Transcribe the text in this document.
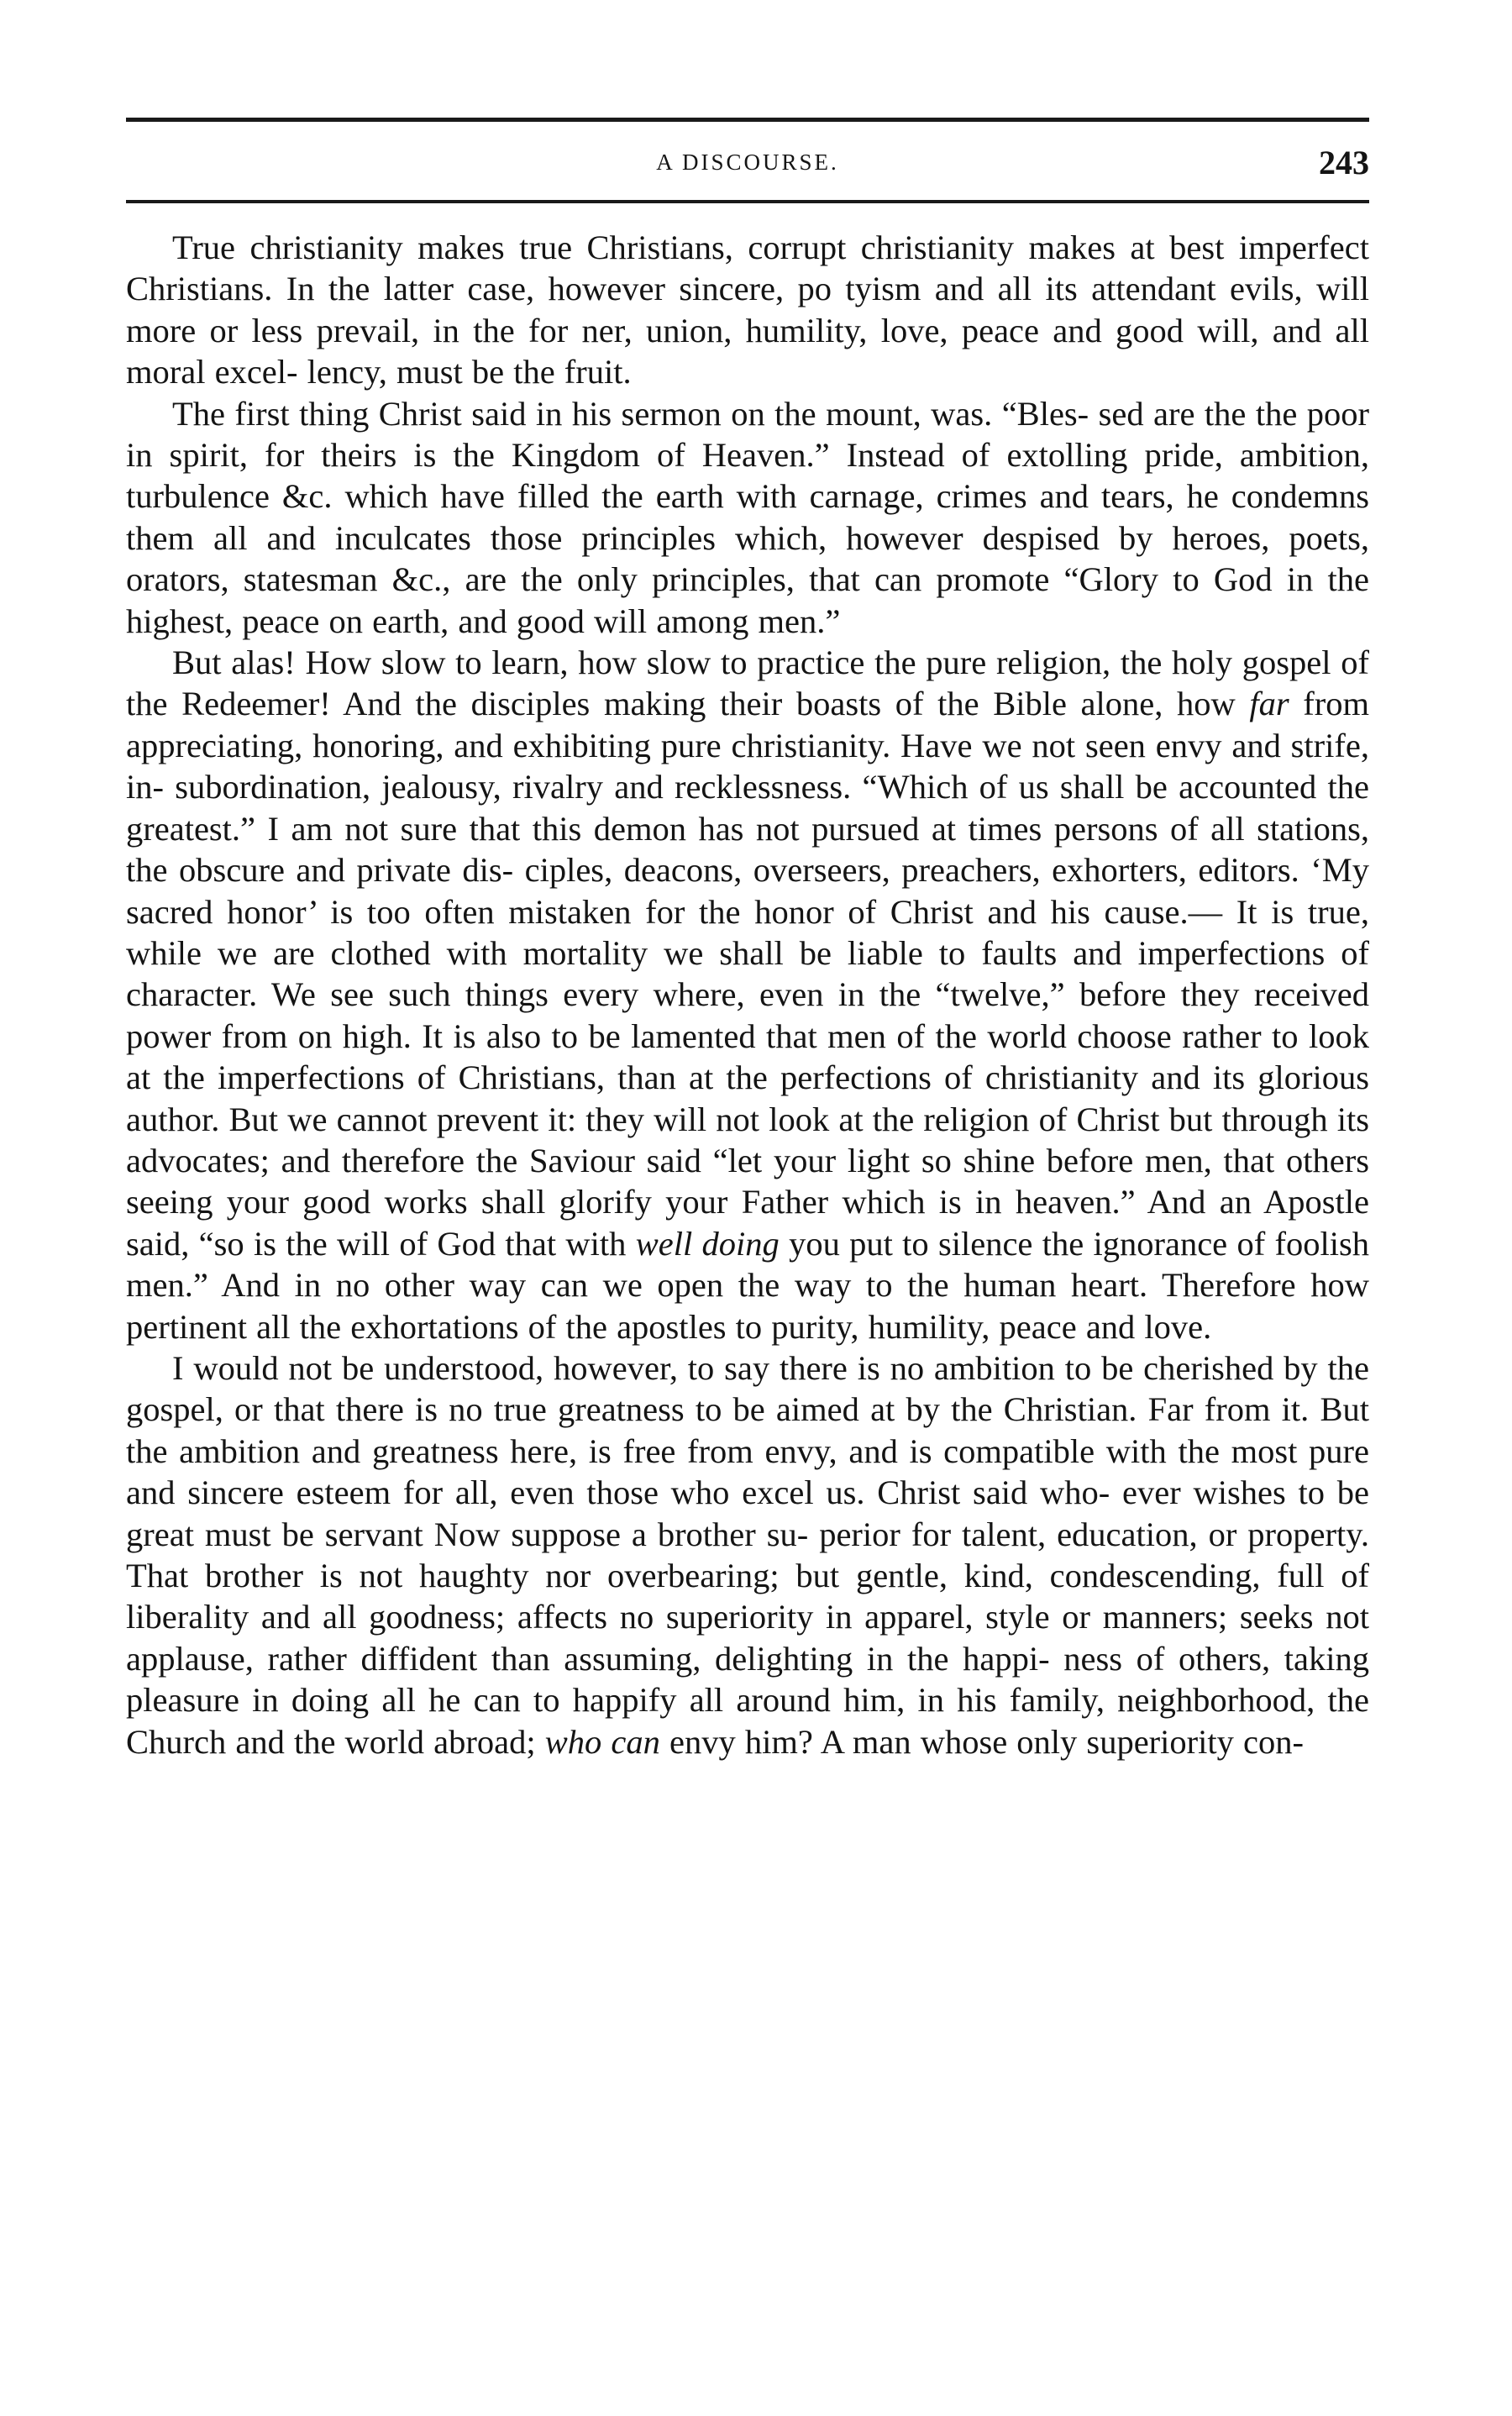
A DISCOURSE.	243

True christianity makes true Christians, corrupt christianity makes at best imperfect Christians. In the latter case, however sincere, po tyism and all its attendant evils, will more or less prevail, in the for ner, union, humility, love, peace and good will, and all moral excel- lency, must be the fruit.

The first thing Christ said in his sermon on the mount, was. “Bles- sed are the the poor in spirit, for theirs is the Kingdom of Heaven.” Instead of extolling pride, ambition, turbulence &c. which have filled the earth with carnage, crimes and tears, he condemns them all and inculcates those principles which, however despised by heroes, poets, orators, statesman &c., are the only principles, that can promote “Glory to God in the highest, peace on earth, and good will among men.”

But alas! How slow to learn, how slow to practice the pure religion, the holy gospel of the Redeemer! And the disciples making their boasts of the Bible alone, how far from appreciating, honoring, and exhibiting pure christianity. Have we not seen envy and strife, in- subordination, jealousy, rivalry and recklessness. “Which of us shall be accounted the greatest.” I am not sure that this demon has not pursued at times persons of all stations, the obscure and private dis- ciples, deacons, overseers, preachers, exhorters, editors. ‘My sacred honor’ is too often mistaken for the honor of Christ and his cause.— It is true, while we are clothed with mortality we shall be liable to faults and imperfections of character. We see such things every where, even in the “twelve,” before they received power from on high. It is also to be lamented that men of the world choose rather to look at the imperfections of Christians, than at the perfections of christianity and its glorious author. But we cannot prevent it: they will not look at the religion of Christ but through its advocates; and therefore the Saviour said “let your light so shine before men, that others seeing your good works shall glorify your Father which is in heaven.” And an Apostle said, “so is the will of God that with well doing you put to silence the ignorance of foolish men.” And in no other way can we open the way to the human heart. Therefore how pertinent all the exhortations of the apostles to purity, humility, peace and love.

I would not be understood, however, to say there is no ambition to be cherished by the gospel, or that there is no true greatness to be aimed at by the Christian. Far from it. But the ambition and greatness here, is free from envy, and is compatible with the most pure and sincere esteem for all, even those who excel us. Christ said who- ever wishes to be great must be servant Now suppose a brother su- perior for talent, education, or property. That brother is not haughty nor overbearing; but gentle, kind, condescending, full of liberality and all goodness; affects no superiority in apparel, style or manners; seeks not applause, rather diffident than assuming, delighting in the happi- ness of others, taking pleasure in doing all he can to happify all around him, in his family, neighborhood, the Church and the world abroad; who can envy him? A man whose only superiority con-
